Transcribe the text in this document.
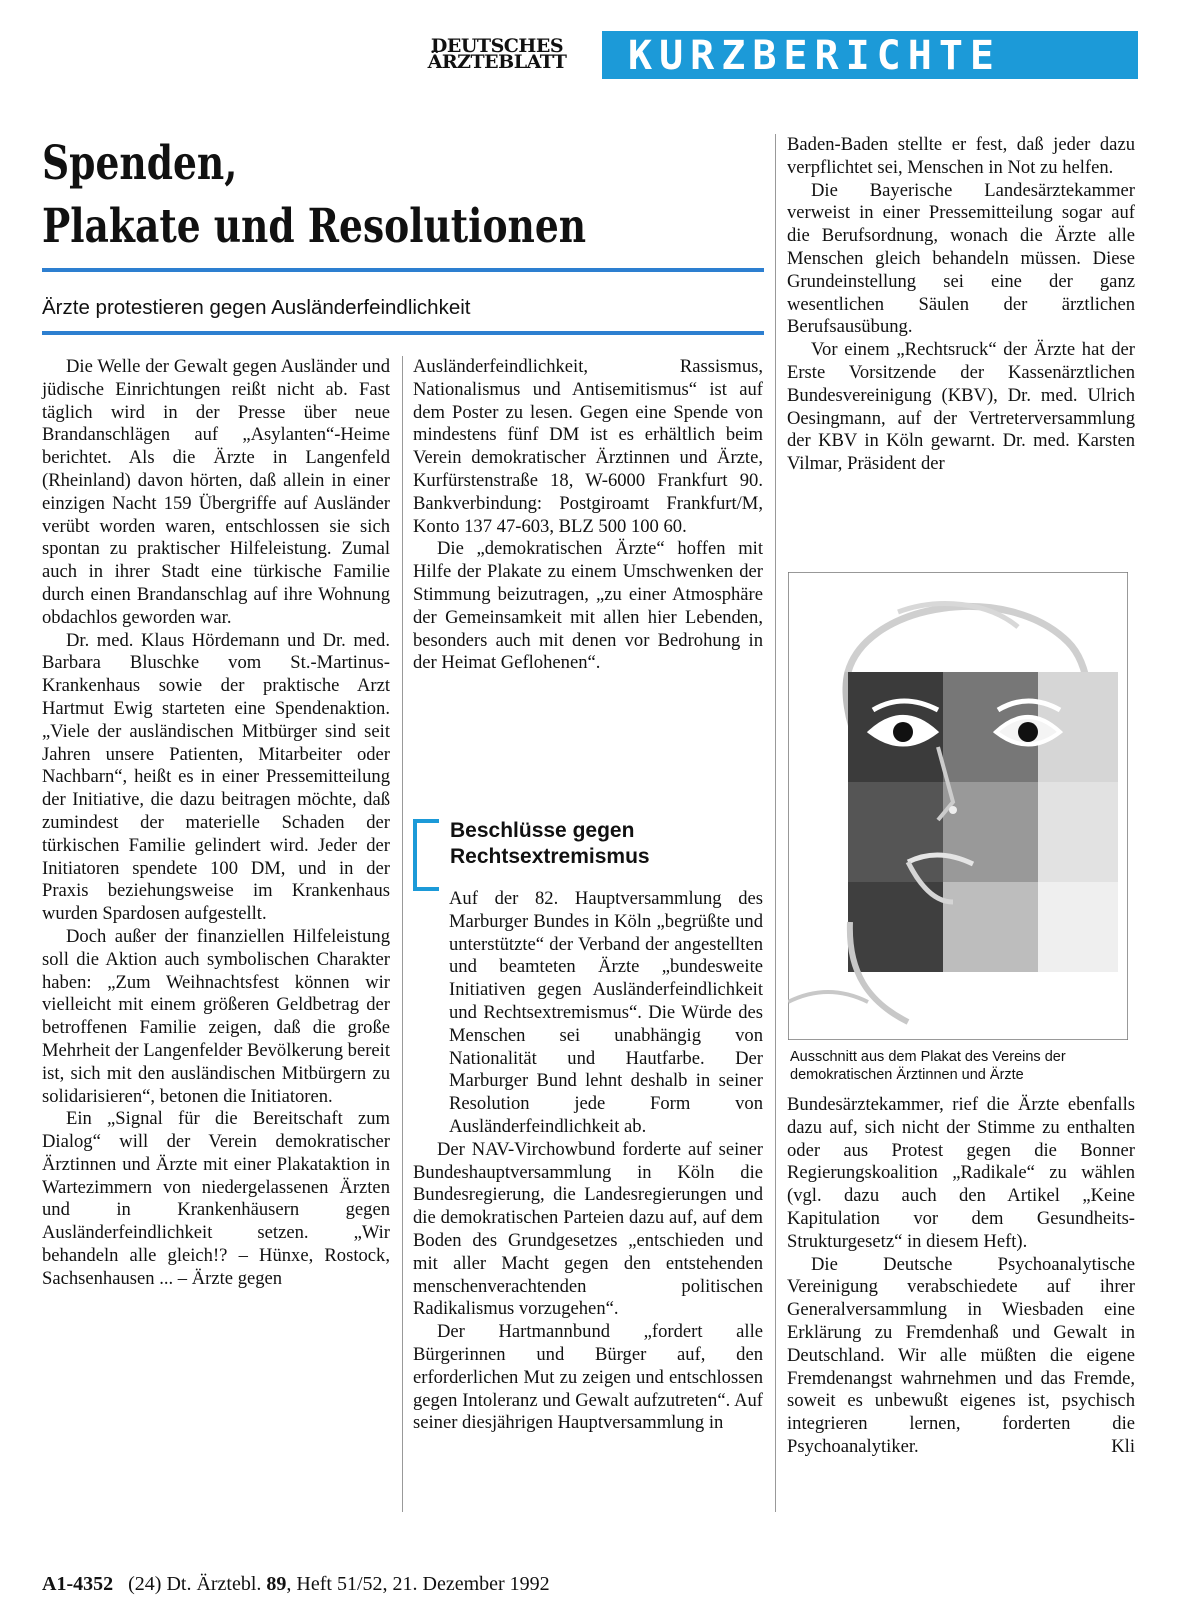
DEUTSCHES
ÄRZTEBLATT	KURZBERICHTE
Spenden,
Plakate und Resolutionen
Ärzte protestieren gegen Ausländerfeindlichkeit

Die Welle der Gewalt gegen Ausländer und jüdische Einrichtungen reißt nicht ab. Fast täglich wird in der Presse über neue Brandanschlägen auf „Asylanten“-Heime berichtet. Als die Ärzte in Langenfeld (Rheinland) davon hörten, daß allein in einer einzigen Nacht 159 Übergriffe auf Ausländer verübt worden waren, entschlossen sie sich spontan zu praktischer Hilfeleistung. Zumal auch in ihrer Stadt eine türkische Familie durch einen Brandanschlag auf ihre Wohnung obdachlos geworden war.

Dr. med. Klaus Hördemann und Dr. med. Barbara Bluschke vom St.-Martinus-Krankenhaus sowie der praktische Arzt Hartmut Ewig starteten eine Spendenaktion. „Viele der ausländischen Mitbürger sind seit Jahren unsere Patienten, Mitarbeiter oder Nachbarn“, heißt es in einer Pressemitteilung der Initiative, die dazu beitragen möchte, daß zumindest der materielle Schaden der türkischen Familie gelindert wird. Jeder der Initiatoren spendete 100 DM, und in der Praxis beziehungsweise im Krankenhaus wurden Spardosen aufgestellt.

Doch außer der finanziellen Hilfeleistung soll die Aktion auch symbolischen Charakter haben: „Zum Weihnachtsfest können wir vielleicht mit einem größeren Geldbetrag der betroffenen Familie zeigen, daß die große Mehrheit der Langenfelder Bevölkerung bereit ist, sich mit den ausländischen Mitbürgern zu solidarisieren“, betonen die Initiatoren.

Ein „Signal für die Bereitschaft zum Dialog“ will der Verein demokratischer Ärztinnen und Ärzte mit einer Plakataktion in Wartezimmern von niedergelassenen Ärzten und in Krankenhäusern gegen Ausländerfeindlichkeit setzen. „Wir behandeln alle gleich!? – Hünxe, Rostock, Sachsenhausen ... – Ärzte gegen

Ausländerfeindlichkeit, Rassismus, Nationalismus und Antisemitismus“ ist auf dem Poster zu lesen. Gegen eine Spende von mindestens fünf DM ist es erhältlich beim Verein demokratischer Ärztinnen und Ärzte, Kurfürstenstraße 18, W-6000 Frankfurt 90. Bankverbindung: Postgiroamt Frankfurt/M, Konto 137 47-603, BLZ 500 100 60.

Die „demokratischen Ärzte“ hoffen mit Hilfe der Plakate zu einem Umschwenken der Stimmung beizutragen, „zu einer Atmosphäre der Gemeinsamkeit mit allen hier Lebenden, besonders auch mit denen vor Bedrohung in der Heimat Geflohenen“.

Beschlüsse gegen
Rechtsextremismus

Auf der 82. Hauptversammlung des Marburger Bundes in Köln „begrüßte und unterstützte“ der Verband der angestellten und beamteten Ärzte „bundesweite Initiativen gegen Ausländerfeindlichkeit und Rechtsextremismus“. Die Würde des Menschen sei unabhängig von Nationalität und Hautfarbe. Der Marburger Bund lehnt deshalb in seiner Resolution jede Form von Ausländerfeindlichkeit ab.

Der NAV-Virchowbund forderte auf seiner Bundeshauptversammlung in Köln die Bundesregierung, die Landesregierungen und die demokratischen Parteien dazu auf, auf dem Boden des Grundgesetzes „entschieden und mit aller Macht gegen den entstehenden menschenverachtenden politischen Radikalismus vorzugehen“.

Der Hartmannbund „fordert alle Bürgerinnen und Bürger auf, den erforderlichen Mut zu zeigen und entschlossen gegen Intoleranz und Gewalt aufzutreten“. Auf seiner diesjährigen Hauptversammlung in

Baden-Baden stellte er fest, daß jeder dazu verpflichtet sei, Menschen in Not zu helfen.

Die Bayerische Landesärztekammer verweist in einer Pressemitteilung sogar auf die Berufsordnung, wonach die Ärzte alle Menschen gleich behandeln müssen. Diese Grundeinstellung sei eine der ganz wesentlichen Säulen der ärztlichen Berufsausübung.

Vor einem „Rechtsruck“ der Ärzte hat der Erste Vorsitzende der Kassenärztlichen Bundesvereinigung (KBV), Dr. med. Ulrich Oesingmann, auf der Vertreterversammlung der KBV in Köln gewarnt. Dr. med. Karsten Vilmar, Präsident der

Ausschnitt aus dem Plakat des Vereins der demokratischen Ärztinnen und Ärzte

Bundesärztekammer, rief die Ärzte ebenfalls dazu auf, sich nicht der Stimme zu enthalten oder aus Protest gegen die Bonner Regierungskoalition „Radikale“ zu wählen (vgl. dazu auch den Artikel „Keine Kapitulation vor dem Gesundheits-Strukturgesetz“ in diesem Heft).

Die Deutsche Psychoanalytische Vereinigung verabschiedete auf ihrer Generalversammlung in Wiesbaden eine Erklärung zu Fremdenhaß und Gewalt in Deutschland. Wir alle müßten die eigene Fremdenangst wahrnehmen und das Fremde, soweit es unbewußt eigenes ist, psychisch integrieren lernen, forderten die Psychoanalytiker.	Kli

A1-4352 (24) Dt. Ärztebl. 89, Heft 51/52, 21. Dezember 1992
